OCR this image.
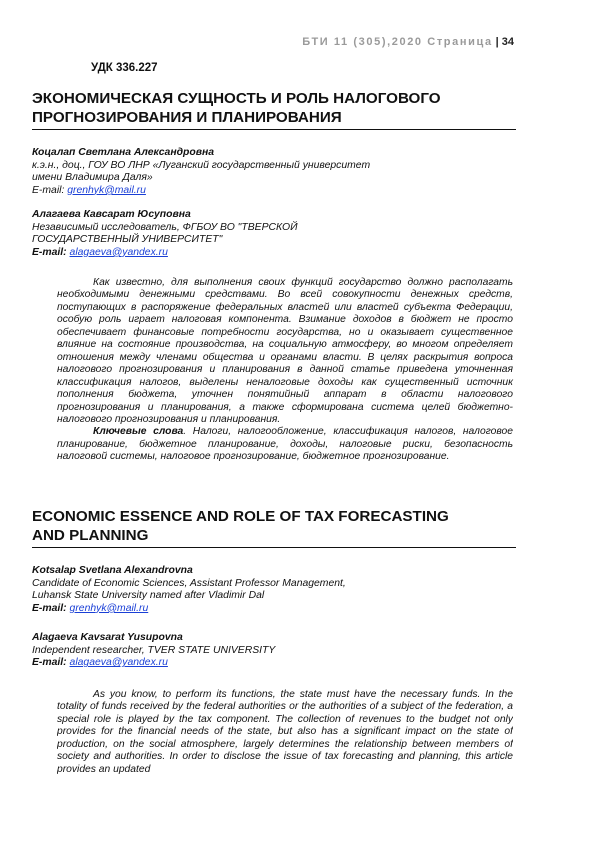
БТИ 11 (305),2020 Страница | 34
УДК 336.227
ЭКОНОМИЧЕСКАЯ СУЩНОСТЬ И РОЛЬ НАЛОГОВОГО
ПРОГНОЗИРОВАНИЯ И ПЛАНИРОВАНИЯ
Коцалап Светлана Александровна
к.э.н., доц., ГОУ ВО ЛНР «Луганский государственный университет
имени Владимира Даля»
E-mail: grenhyk@mail.ru
Алагаева Кавсарат Юсуповна
Независимый исследователь, ФГБОУ ВО "ТВЕРСКОЙ
ГОСУДАРСТВЕННЫЙ УНИВЕРСИТЕТ"
E-mail: alagaeva@yandex.ru

Как известно, для выполнения своих функций государство должно располагать необходимыми денежными средствами. Во всей совокупности денежных средств, поступающих в распоряжение федеральных властей или властей субъекта Федерации, особую роль играет налоговая компонента. Взимание доходов в бюджет не просто обеспечивает финансовые потребности государства, но и оказывает существенное влияние на состояние производства, на социальную атмосферу, во многом определяет отношения между членами общества и органами власти. В целях раскрытия вопроса налогового прогнозирования и планирования в данной статье приведена уточненная классификация налогов, выделены неналоговые доходы как существенный источник пополнения бюджета, уточнен понятийный аппарат в области налогового прогнозирования и планирования, а также сформирована система целей бюджетно-налогового прогнозирования и планирования.

Ключевые слова. Налоги, налогообложение, классификация налогов, налоговое планирование, бюджетное планирование, доходы, налоговые риски, безопасность налоговой системы, налоговое прогнозирование, бюджетное прогнозирование.

ECONOMIC ESSENCE AND ROLE OF TAX FORECASTING
AND PLANNING
Kotsalap Svetlana Alexandrovna
Candidate of Economic Sciences, Assistant Professor Management,
Luhansk State University named after Vladimir Dal
E-mail: grenhyk@mail.ru
Alagaeva Kavsarat Yusupovna
Independent researcher, TVER STATE UNIVERSITY
E-mail: alagaeva@yandex.ru

As you know, to perform its functions, the state must have the necessary funds. In the totality of funds received by the federal authorities or the authorities of a subject of the federation, a special role is played by the tax component. The collection of revenues to the budget not only provides for the financial needs of the state, but also has a significant impact on the state of production, on the social atmosphere, largely determines the relationship between members of society and authorities. In order to disclose the issue of tax forecasting and planning, this article provides an updated
